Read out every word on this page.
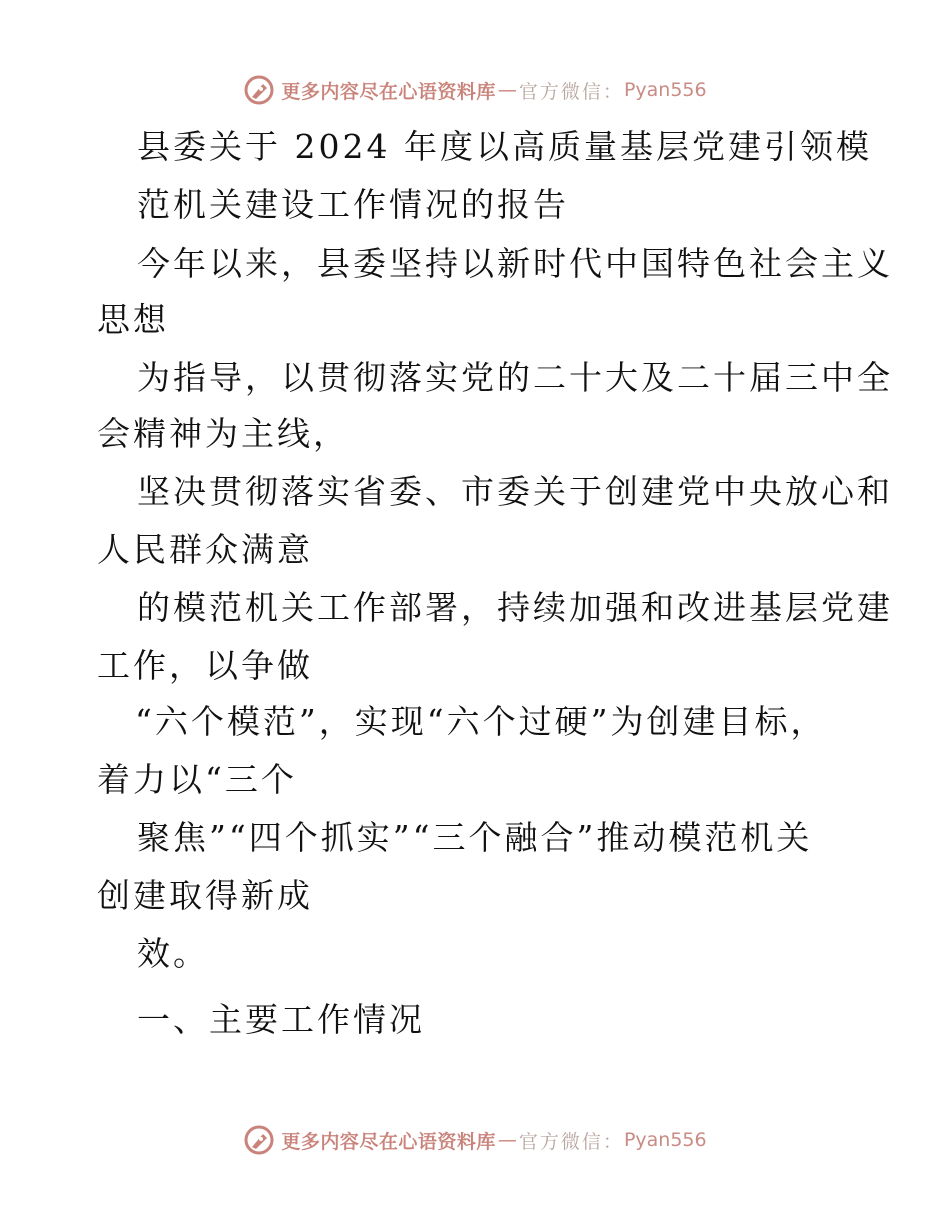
更多内容尽在心语资料库 — 官方微信： Pyan556
县委关于 2024 年度以高质量基层党建引领模
范机关建设工作情况的报告
今年以来，县委坚持以新时代中国特色社会主义
思想
为指导，以贯彻落实党的二十大及二十届三中全
会精神为主线，
坚决贯彻落实省委、市委关于创建党中央放心和
人民群众满意
的模范机关工作部署，持续加强和改进基层党建
工作，以争做
“六个模范”，实现“六个过硬”为创建目标，
着力以“三个
聚焦”“四个抓实”“三个融合”推动模范机关
创建取得新成
效。
一、主要工作情况
更多内容尽在心语资料库 — 官方微信： Pyan556
